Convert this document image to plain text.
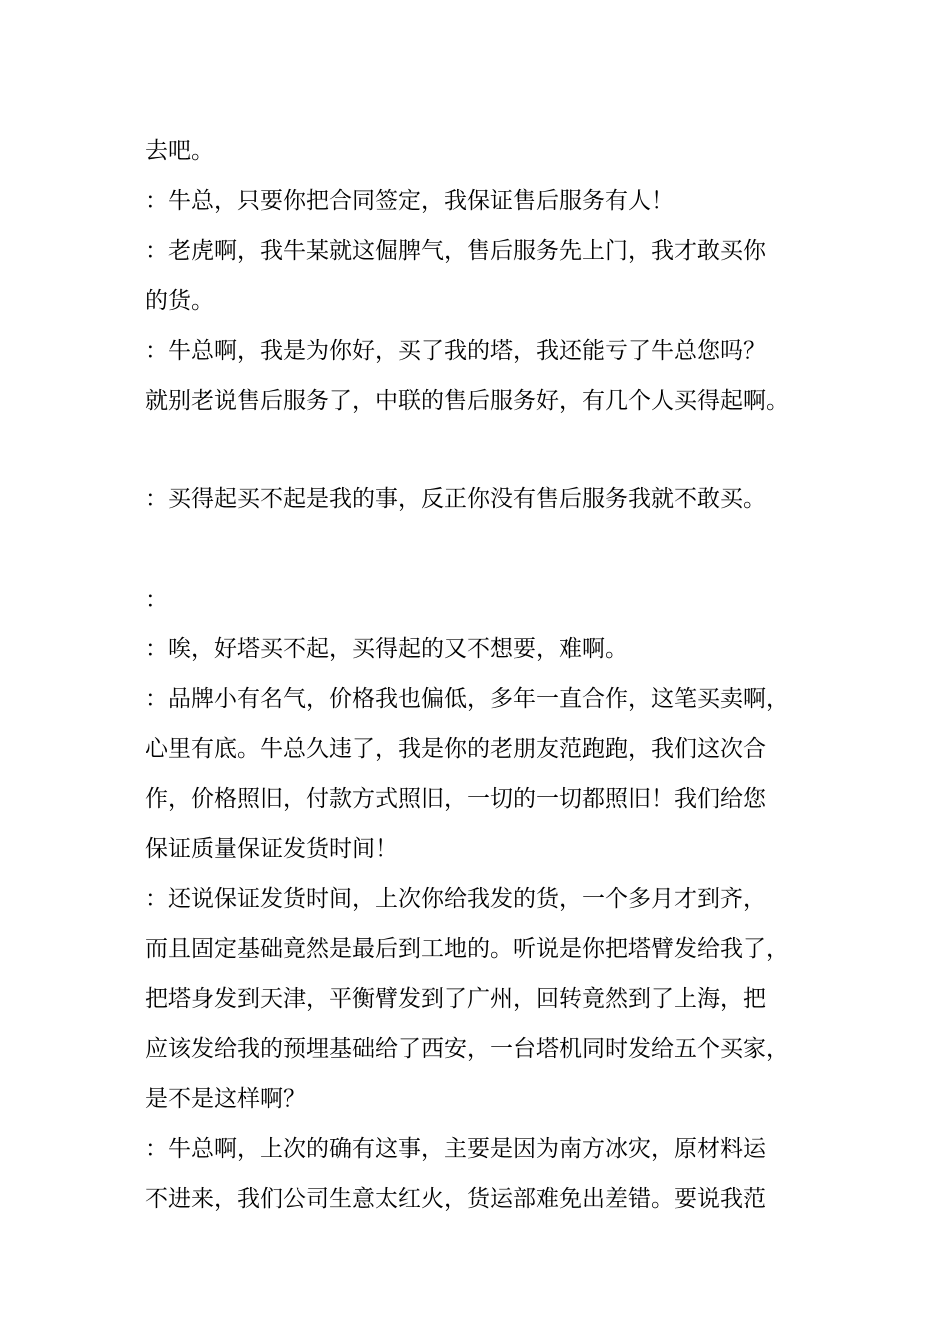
去吧。
：牛总，只要你把合同签定，我保证售后服务有人！
：老虎啊，我牛某就这倔脾气，售后服务先上门，我才敢买你
的货。
：牛总啊，我是为你好，买了我的塔，我还能亏了牛总您吗？
就别老说售后服务了，中联的售后服务好，有几个人买得起啊。
：买得起买不起是我的事，反正你没有售后服务我就不敢买。
：
：唉，好塔买不起，买得起的又不想要，难啊。
：品牌小有名气，价格我也偏低，多年一直合作，这笔买卖啊，
心里有底。牛总久违了，我是你的老朋友范跑跑，我们这次合
作，价格照旧，付款方式照旧，一切的一切都照旧！我们给您
保证质量保证发货时间！
：还说保证发货时间，上次你给我发的货，一个多月才到齐，
而且固定基础竟然是最后到工地的。听说是你把塔臂发给我了，
把塔身发到天津，平衡臂发到了广州，回转竟然到了上海，把
应该发给我的预埋基础给了西安，一台塔机同时发给五个买家，
是不是这样啊？
：牛总啊，上次的确有这事，主要是因为南方冰灾，原材料运
不进来，我们公司生意太红火，货运部难免出差错。要说我范
